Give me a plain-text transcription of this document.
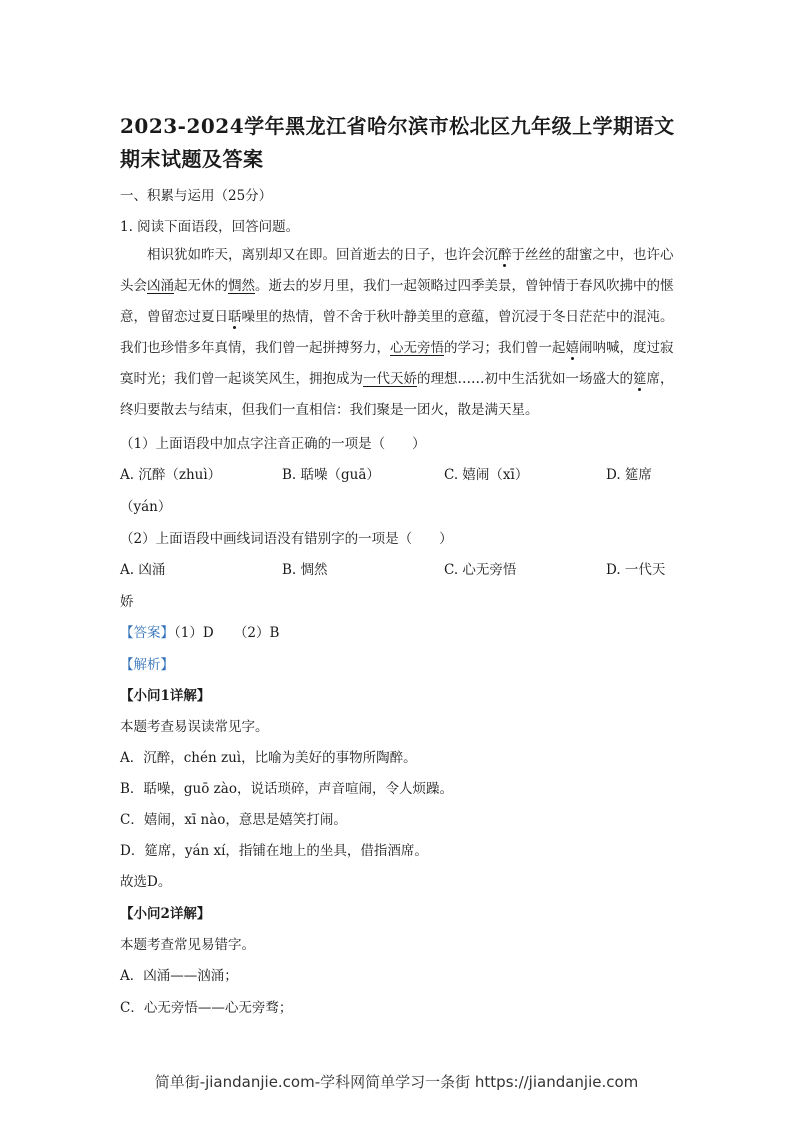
2023-2024学年黑龙江省哈尔滨市松北区九年级上学期语文
期末试题及答案
一、积累与运用（25分）
1. 阅读下面语段，回答问题。
相识犹如昨天，离别却又在即。回首逝去的日子，也许会沉醉于丝丝的甜蜜之中，也许心头会凶涌起无休的惆然。逝去的岁月里，我们一起领略过四季美景，曾钟情于春风吹拂中的惬意，曾留恋过夏日聒噪里的热情，曾不舍于秋叶静美里的意蕴，曾沉浸于冬日茫茫中的混沌。我们也珍惜多年真情，我们曾一起拼搏努力，心无旁悟的学习；我们曾一起嬉闹呐喊，度过寂寞时光；我们曾一起谈笑风生，拥抱成为一代天娇的理想……初中生活犹如一场盛大的筵席，终归要散去与结束，但我们一直相信：我们聚是一团火，散是满天星。
（1）上面语段中加点字注音正确的一项是（　　）
A. 沉醉（zhuì）	B. 聒噪（guā）	C. 嬉闹（xī）	D. 筵席
（yán）
（2）上面语段中画线词语没有错别字的一项是（　　）
A. 凶涌	B. 惆然	C. 心无旁悟	D. 一代天
娇
【答案】（1）D　　（2）B
【解析】
【小问1详解】
本题考查易误读常见字。
A．沉醉，chén zuì，比喻为美好的事物所陶醉。
B．聒噪，guō zào，说话琐碎，声音喧闹，令人烦躁。
C．嬉闹，xī nào，意思是嬉笑打闹。
D．筵席，yán xí，指铺在地上的坐具，借指酒席。
故选D。
【小问2详解】
本题考查常见易错字。
A．凶涌——汹涌；
C．心无旁悟——心无旁骛；
简单街-jiandanjie.com-学科网简单学习一条街 https://jiandanjie.com
